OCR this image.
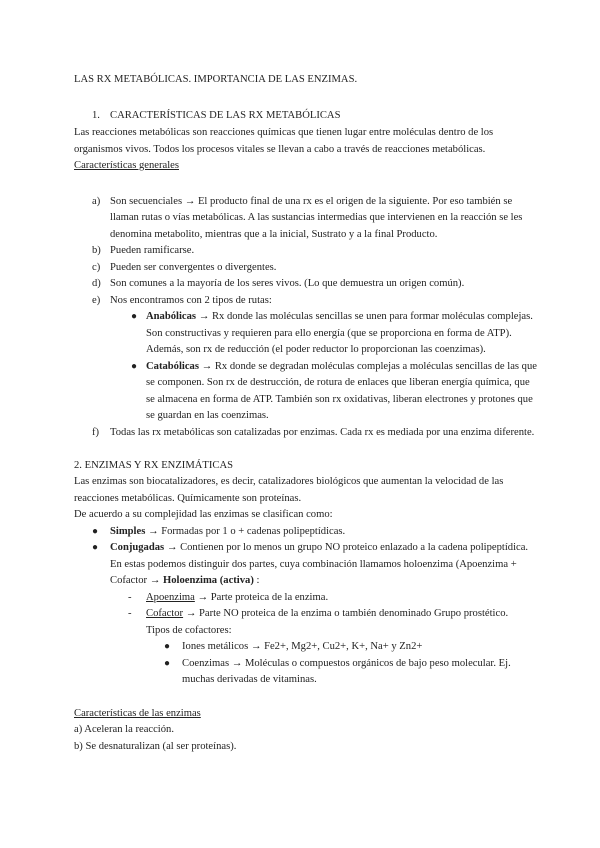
LAS RX METABÓLICAS. IMPORTANCIA DE LAS ENZIMAS.
1. CARACTERÍSTICAS DE LAS RX METABÓLICAS
Las reacciones metabólicas son reacciones químicas que tienen lugar entre moléculas dentro de los
organismos vivos. Todos los procesos vitales se llevan a cabo a través de reacciones metabólicas.
Características generales
a) Son secuenciales → El producto final de una rx es el origen de la siguiente. Por eso también se
llaman rutas o vías metabólicas. A las sustancias intermedias que intervienen en la reacción se les
denomina metabolito, mientras que a la inicial, Sustrato y a la final Producto.
b) Pueden ramificarse.
c) Pueden ser convergentes o divergentes.
d) Son comunes a la mayoría de los seres vivos. (Lo que demuestra un origen común).
e) Nos encontramos con 2 tipos de rutas:
● Anabólicas → Rx donde las moléculas sencillas se unen para formar moléculas complejas.
Son constructivas y requieren para ello energía (que se proporciona en forma de ATP).
Además, son rx de reducción (el poder reductor lo proporcionan las coenzimas).
● Catabólicas → Rx donde se degradan moléculas complejas a moléculas sencillas de las que
se componen. Son rx de destrucción, de rotura de enlaces que liberan energía química, que
se almacena en forma de ATP. También son rx oxidativas, liberan electrones y protones que
se guardan en las coenzimas.
f) Todas las rx metabólicas son catalizadas por enzimas. Cada rx es mediada por una enzima diferente.
2. ENZIMAS Y RX ENZIMÁTICAS
Las enzimas son biocatalizadores, es decir, catalizadores biológicos que aumentan la velocidad de las
reacciones metabólicas. Químicamente son proteínas.
De acuerdo a su complejidad las enzimas se clasifican como:
● Simples → Formadas por 1 o + cadenas polipeptídicas.
● Conjugadas → Contienen por lo menos un grupo NO proteico enlazado a la cadena polipeptídica.
En estas podemos distinguir dos partes, cuya combinación llamamos holoenzima (Apoenzima +
Cofactor → Holoenzima (activa) :
- Apoenzima → Parte proteica de la enzima.
- Cofactor → Parte NO proteica de la enzima o también denominado Grupo prostético.
Tipos de cofactores:
● Iones metálicos → Fe2+, Mg2+, Cu2+, K+, Na+ y Zn2+
● Coenzimas → Moléculas o compuestos orgánicos de bajo peso molecular. Ej.
muchas derivadas de vitaminas.
Características de las enzimas
a) Aceleran la reacción.
b) Se desnaturalizan (al ser proteínas).
